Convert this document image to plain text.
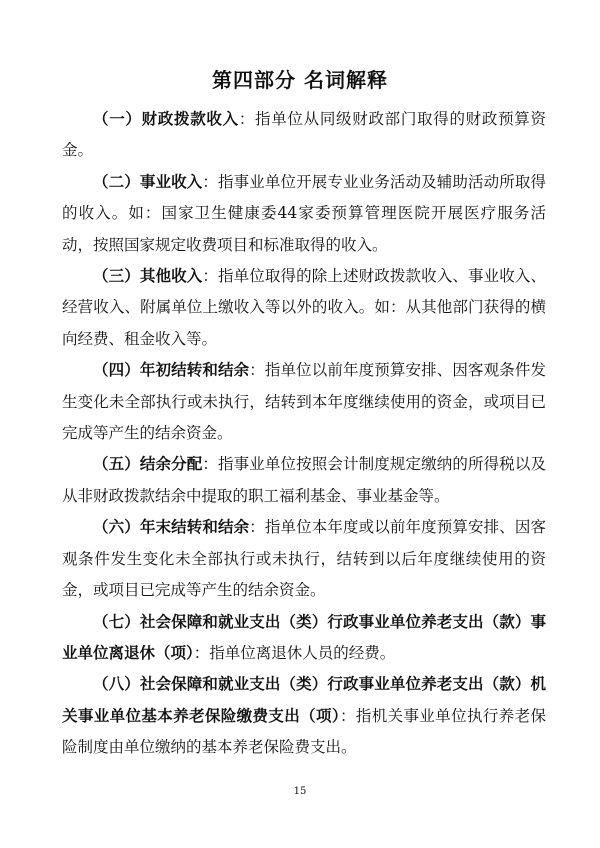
第四部分 名词解释

（一）财政拨款收入：指单位从同级财政部门取得的财政预算资金。

（二）事业收入：指事业单位开展专业业务活动及辅助活动所取得的收入。如：国家卫生健康委44家委预算管理医院开展医疗服务活动，按照国家规定收费项目和标准取得的收入。

（三）其他收入：指单位取得的除上述财政拨款收入、事业收入、经营收入、附属单位上缴收入等以外的收入。如：从其他部门获得的横向经费、租金收入等。

（四）年初结转和结余：指单位以前年度预算安排、因客观条件发生变化未全部执行或未执行，结转到本年度继续使用的资金，或项目已完成等产生的结余资金。

（五）结余分配：指事业单位按照会计制度规定缴纳的所得税以及从非财政拨款结余中提取的职工福利基金、事业基金等。

（六）年末结转和结余：指单位本年度或以前年度预算安排、因客观条件发生变化未全部执行或未执行，结转到以后年度继续使用的资金，或项目已完成等产生的结余资金。

（七）社会保障和就业支出（类）行政事业单位养老支出（款）事业单位离退休（项）：指单位离退休人员的经费。

（八）社会保障和就业支出（类）行政事业单位养老支出（款）机关事业单位基本养老保险缴费支出（项）：指机关事业单位执行养老保险制度由单位缴纳的基本养老保险费支出。

15
